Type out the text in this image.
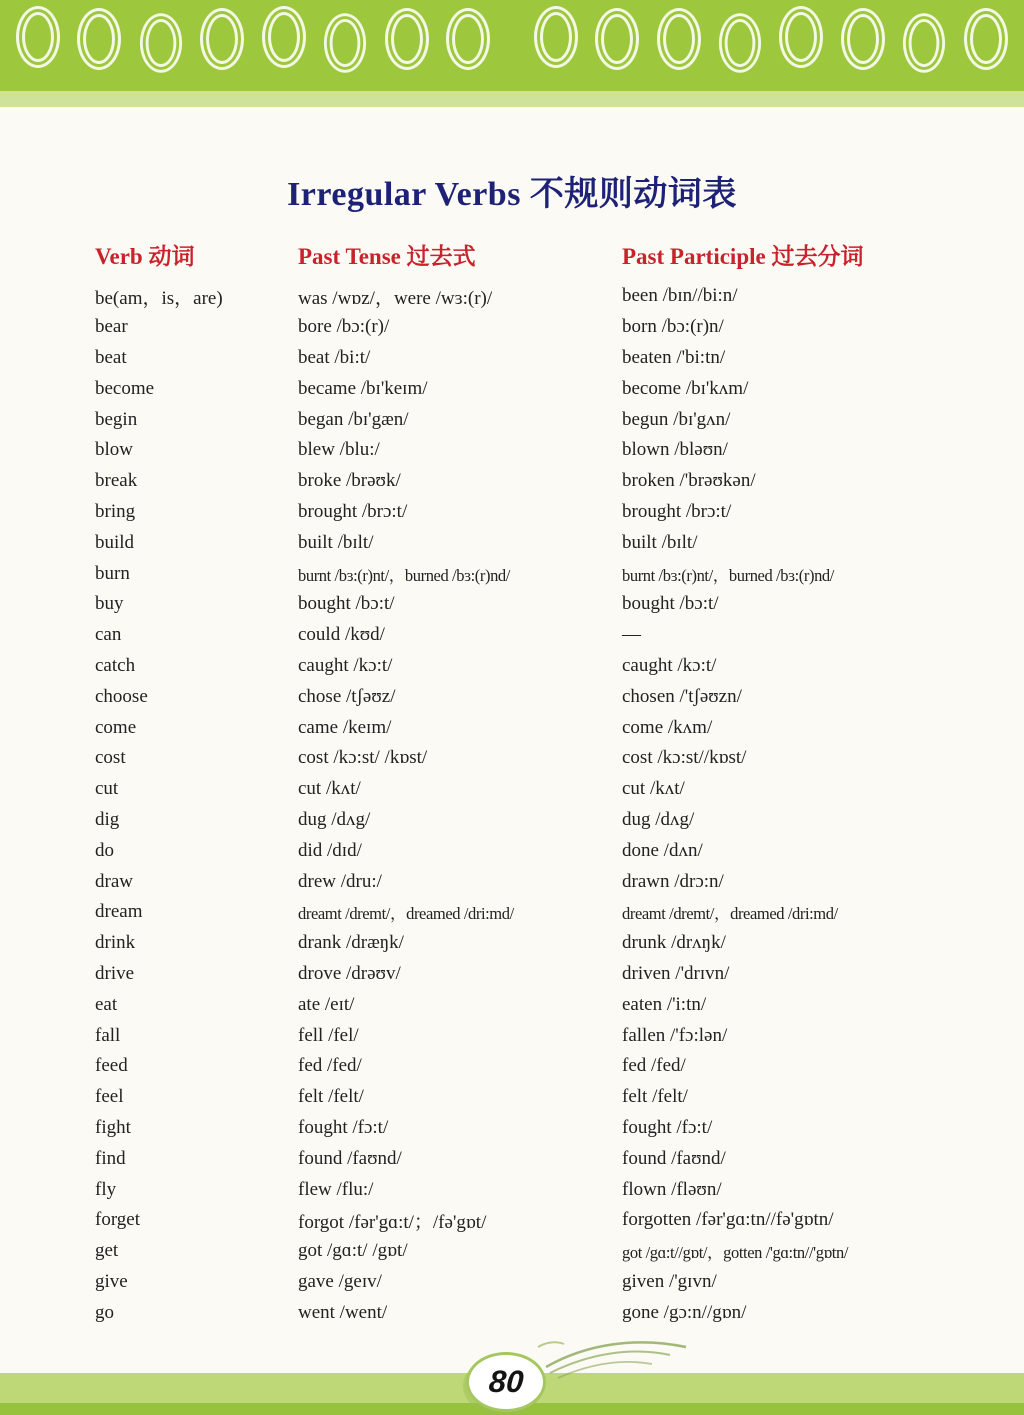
Irregular Verbs 不规则动词表
Verb 动词	Past Tense 过去式	Past Participle 过去分词
be(am，is，are)	was /wɒz/，were /wɜ:(r)/	been /bɪn//bi:n/
bear	bore /bɔ:(r)/	born /bɔ:(r)n/
beat	beat /bi:t/	beaten /'bi:tn/
become	became /bɪ'keɪm/	become /bɪ'kʌm/
begin	began /bɪ'gæn/	begun /bɪ'gʌn/
blow	blew /blu:/	blown /bləʊn/
break	broke /brəʊk/	broken /'brəʊkən/
bring	brought /brɔ:t/	brought /brɔ:t/
build	built /bɪlt/	built /bɪlt/
burn	burnt /bɜ:(r)nt/，burned /bɜ:(r)nd/	burnt /bɜ:(r)nt/，burned /bɜ:(r)nd/
buy	bought /bɔ:t/	bought /bɔ:t/
can	could /kʊd/	—
catch	caught /kɔ:t/	caught /kɔ:t/
choose	chose /tʃəʊz/	chosen /'tʃəʊzn/
come	came /keɪm/	come /kʌm/
cost	cost /kɔ:st/ /kɒst/	cost /kɔ:st//kɒst/
cut	cut /kʌt/	cut /kʌt/
dig	dug /dʌg/	dug /dʌg/
do	did /dɪd/	done /dʌn/
draw	drew /dru:/	drawn /drɔ:n/
dream	dreamt /dremt/，dreamed /dri:md/	dreamt /dremt/，dreamed /dri:md/
drink	drank /dræŋk/	drunk /drʌŋk/
drive	drove /drəʊv/	driven /'drɪvn/
eat	ate /eɪt/	eaten /'i:tn/
fall	fell /fel/	fallen /'fɔ:lən/
feed	fed /fed/	fed /fed/
feel	felt /felt/	felt /felt/
fight	fought /fɔ:t/	fought /fɔ:t/
find	found /faʊnd/	found /faʊnd/
fly	flew /flu:/	flown /fləʊn/
forget	forgot /fər'gɑ:t/；/fə'gɒt/	forgotten /fər'gɑ:tn//fə'gɒtn/
get	got /gɑ:t/ /gɒt/	got /gɑ:t//gɒt/，gotten /'gɑ:tn//'gɒtn/
give	gave /geɪv/	given /'gɪvn/
go	went /went/	gone /gɔ:n//gɒn/
80
